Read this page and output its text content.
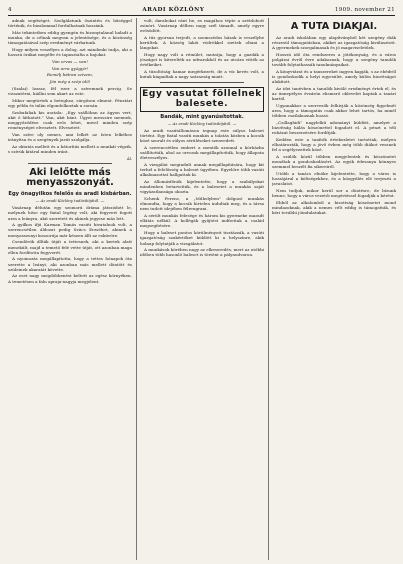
4	ARADI KÖZLÖNY	1909. november 21

adnak segítséget. Szolgálatunk őszintén és hűséggel történik, és bizalommal fordulhatnak hozzánk.

Más tekintetben eddig gyengén és bizonytalanul haladt a munka, de a célnak megvan a jelentősége, és a közönség támogatásával szép eredményt várhatunk.

Hogy milyen veszélyes a dolog, azt mindenki tudja, aki a hosszú órákat megélte és tapasztalta a bajokat.

Van orvos — van!

Van arra gyógyír!

Remélj bátran szívem,

Jön még a szép idő!

(Szalai) Izzasz, fél ezer a szívemnek percig. Se visszatérni, kiállni sem akart az este.

Mikor megtörtek a beteghez, sürgősen elment. Pénztári egy példa és talán elgondolkoztak a sorsán.

Szobafaliak kis asztala: „Egy szállóban az ágyon vert, akit ő láthatott.” Van, akit bánt. Ügyei messzire mennek, meggyőződése csak erős lehet, mivel minden szép reménységet elvesztett. Elvesztett.

Van szíve oly nemes, ami lelkét az Isten lelkéhez irányítsa és a szegények javát szolgálja.

Az oktatás mellett és a bátorítás mellett a munkát végzik, s szívük kitárul minden iránt.

Ál.

Aki lelőtte más menyasszonyát.

Egy önagyilkos felelős és aradi kisbárban.

— Az aradi Közlöny tudósítójától. —

Vasárnap délután egy szomorú dráma játszódott le, melynek hőse egy fiatal legény volt, aki fegyvert fogott arra a leányra, akit szeretett és akinek jegyese más lett.

A gyilkos ifjú Karman Tamás vasúti hivatalnok volt, a szerencsétlen áldozat pedig Szücs Erzsébet, akinek a menyasszonyi koszorúja már készen állt az esküvőre.

Csendőrök állták útját a tettesnek, aki a kertek alatt menekült, majd a temető felé vette útját, ott azonban maga ellen fordította fegyverét.

A nyomozás megállapította, hogy a tettes hónapok óta szerette a leányt, aki azonban más mellett döntött és szüleinek akaratát követte.

Az eset nagy megdöbbenést keltett az egész környéken. A temetésen a falu apraja-nagyja megjelent.

volt, darabokat ránt be, es magához tépte a szétdobott zsinórt. Vasárnap délben nagy szél támadt, amely egyre erősödött.

A tűz gyorsan terjedt, a szomszédos házak is veszélybe kerültek. A község lakói vödrökkel siettek oltani a lángokat.

Hogy nagy volt a rémület, mutatja, hogy a gazdák a jószágot is kiterelték az udvarokból és az utcára vitték az értékeiket.

A tűzoltóság hamar megérkezett, de a víz kevés volt, a kutak kiapadtak a nagy szárazság miatt.

Egy vasutat föllelnek balesete.

Bandák, mint gyanúsítottak.

— Az aradi Közlöny tudósítójától. —

Az aradi vasútállomáson tegnap este súlyos baleset történt. Egy fiatal vasúti munkás a tolatás közben a kocsik közé szorult és súlyos sérüléseket szenvedett.

A szerencsétlen embert a mentők azonnal a kórházba szállították, ahol az orvosok megállapították, hogy állapota életveszélyes.

A vizsgálat megindult annak megállapítására, hogy kit terhel a felelősség a baleset ügyében. Egyelőre több vasúti alkalmazottat hallgattak ki.

Az állomásfőnök kijelentette, hogy a szabályokat mindenben betartották, és a balesetet a munkás saját vigyázatlansága okozta.

Schenk Ferenc, a „Műhelyben” dolgozó munkás elmondta, hogy a kocsik hirtelen indultak meg, és a társa nem tudott idejében félreugrani.

A sérült munkás felesége és három kis gyermeke maradt ellátás nélkül. A kollégák gyűjtést indítottak a család megsegítésére.

Hogy a baleset pontos körülményeit tisztázzák, a vasúti igazgatóság szakértőket küldött ki a helyszínre, akik holnap folytatják a vizsgálatot.

A munkások körében nagy az elkeseredés, mert az utóbbi időben több hasonló baleset is történt a pályaudvaron.

A TUTA DIAKJAI.

Az aradi iskolában egy alapítványból két szegény diák részesül támogatásban, akiket az igazgatóság kiválasztott. A gyermekek szorgalmasak és jó magaviseletűek.

Hosszú idő óta rendszeres a jótékonyság, és a város polgárai évről évre adakoznak, hogy a szegény tanulók tovább folytathassák tanulmányaikat.

A könyvtárat és a tanszereket ingyen kapják, s az ebédről is gondoskodik a helyi egyesület, amely külön bizottságot alakított.

Az idei tanévben a tanulók kiváló eredményt értek el, és az ünnepélyes évzárón elismerő oklevelet kaptak a tanári kartól.

Ugyanakkor a szervezők felhívják a közönség figyelmét arra, hogy a támogatás csak akkor lehet tartós, ha minél többen csatlakoznak hozzá.

„Csillaghidi” nagylelkű adományt küldött, amelyet a bizottság hálás köszönettel fogadott el. A pénzt a téli ruházat beszerzésére fordítják.

Kedden este a tanítók értekezletet tartottak, melyen elhatározták, hogy a jövő évben még több diákot vesznek fel a segélyezettek közé.

A szülők közül többen megjelentek és köszönetet mondtak a gondoskodásért. Az egyik édesanya könnyes szemmel beszélt fia sikereiről.

Utóbb a tanács elnöke kijelentette, hogy a város is hozzájárul a költségekhez, és a közgyűlés elé terjeszti a javaslatot.

Nem tudjuk, mikor kerül sor a döntésre, de bízunk benne, hogy a város vezetői megértéssel fogadják a kérést.

Ebből az alkalomból a bizottság köszönetet mond mindazoknak, akik a nemes célt eddig is támogatták, és kéri további jóindulatukat.
